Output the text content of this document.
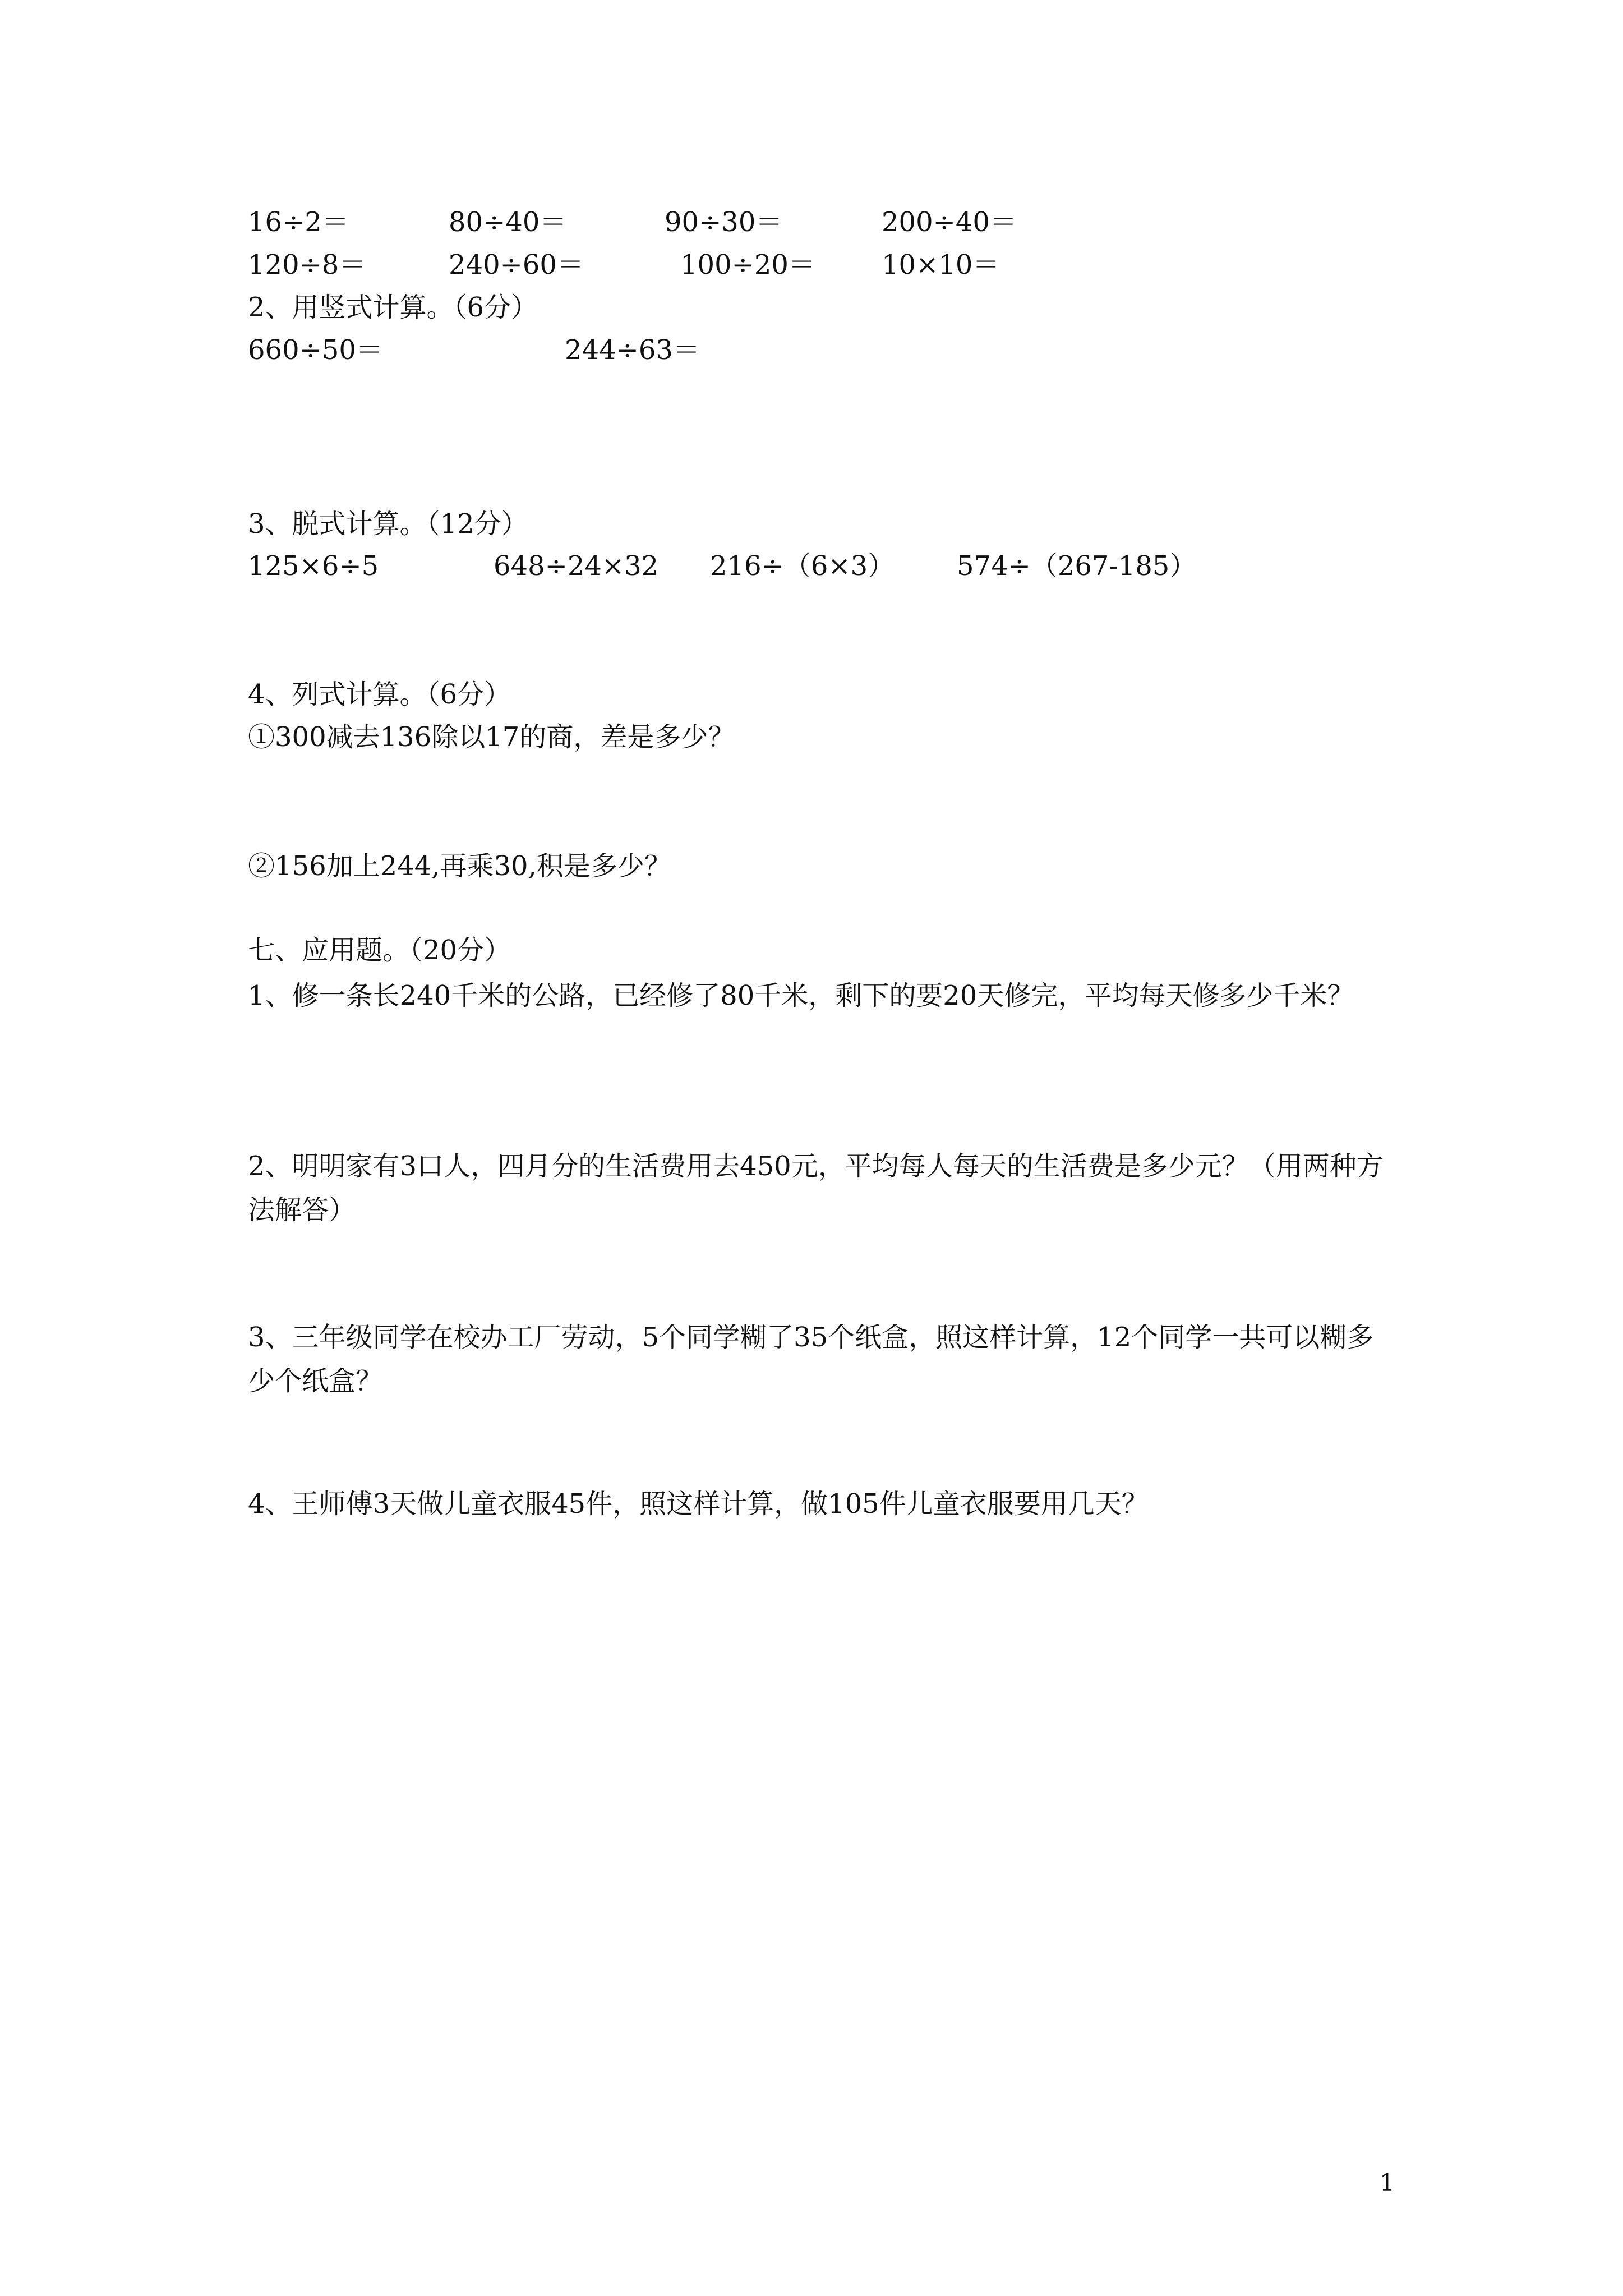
16÷2＝	80÷40＝	90÷30＝	200÷40＝
120÷8＝	240÷60＝	100÷20＝ 10×10＝
2、用竖式计算。（6分）
660÷50＝	244÷63＝
3、脱式计算。（12分）
125×6÷5	648÷24×32 216÷（6×3） 574÷（267-185）
4、列式计算。（6分）
①300减去136除以17的商，差是多少？
②156加上244,再乘30,积是多少？
七、应用题。（20分）
1、修一条长240千米的公路，已经修了80千米，剩下的要20天修完，平均每天修多少千米？
2、明明家有3口人，四月分的生活费用去450元，平均每人每天的生活费是多少元？（用两种方法解答）
3、三年级同学在校办工厂劳动，5个同学糊了35个纸盒，照这样计算，12个同学一共可以糊多少个纸盒？
4、王师傅3天做儿童衣服45件，照这样计算，做105件儿童衣服要用几天？
1
